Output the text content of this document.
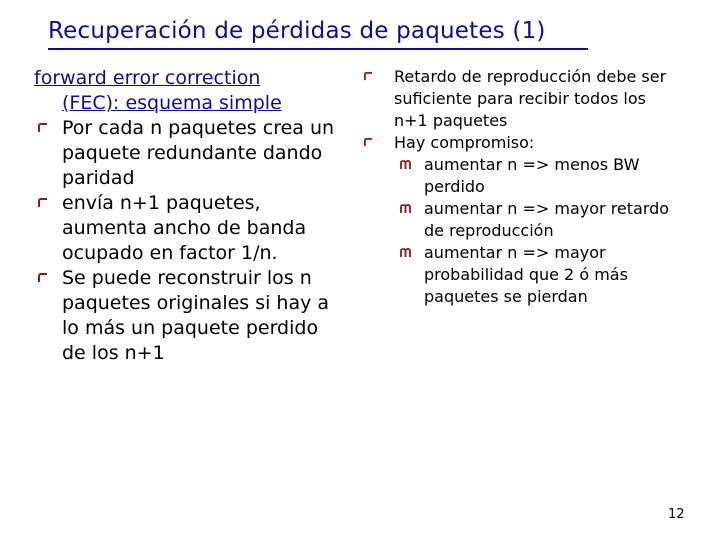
Recuperación de pérdidas de paquetes (1)
forward error correction
(FEC): esquema simple
Por cada n paquetes crea un paquete redundante dando paridad
envía n+1 paquetes, aumenta ancho de banda ocupado en factor 1/n.
Se puede reconstruir los n paquetes originales si hay a lo más un paquete perdido de los n+1
Retardo de reproducción debe ser suficiente para recibir todos los n+1 paquetes
Hay compromiso:
aumentar n => menos BW perdido
aumentar n => mayor retardo de reproducción
aumentar n => mayor probabilidad que 2 ó más paquetes se pierdan
12
